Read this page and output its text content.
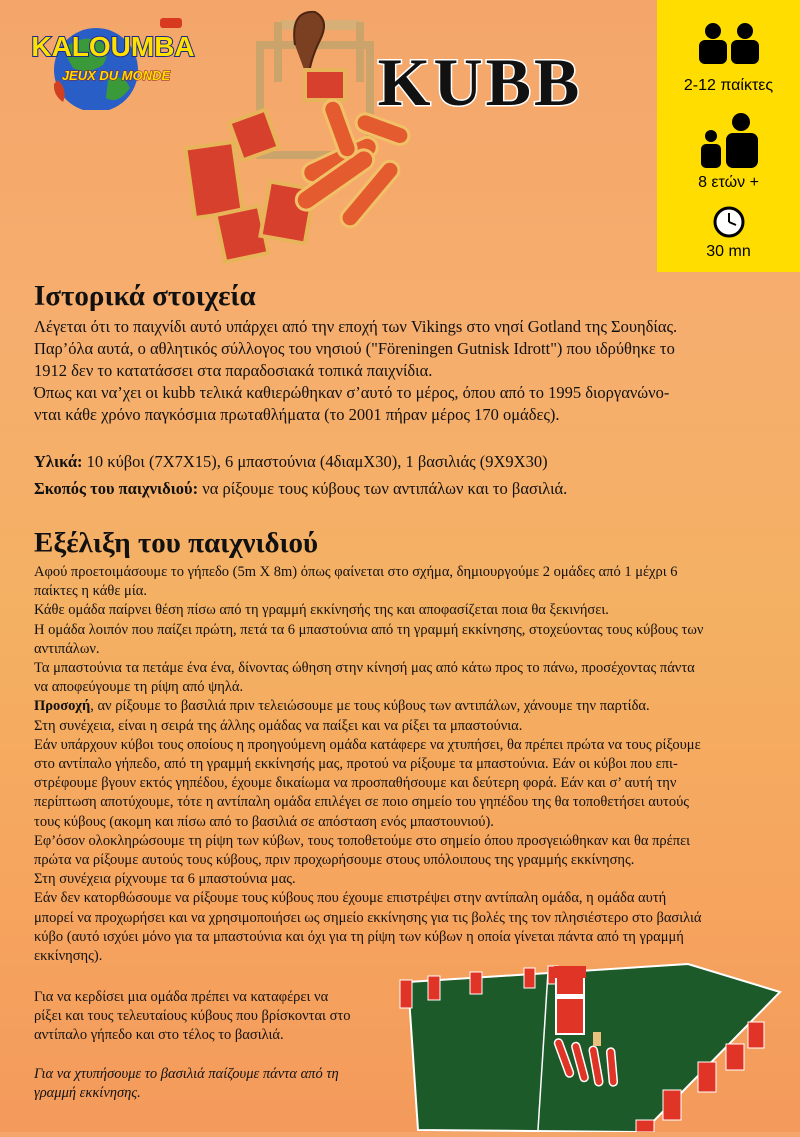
KALOUMBA
JEUX DU MONDE	KUBB	2-12 παίκτες
8 ετών +
30 mn
Ιστορικά στοιχεία
Λέγεται ότι το παιχνίδι αυτό υπάρχει από την εποχή των Vikings στο νησί Gotland της Σουηδίας.
Παρ’όλα αυτά, ο αθλητικός σύλλογος του νησιού ("Föreningen Gutnisk Idrott") που ιδρύθηκε το
1912 δεν το κατατάσσει στα παραδοσιακά τοπικά παιχνίδια.
Όπως και να’χει οι kubb τελικά καθιερώθηκαν σ’αυτό το μέρος, όπου από το 1995 διοργανώνο-
νται κάθε χρόνο παγκόσμια πρωταθλήματα (το 2001 πήραν μέρος 170 ομάδες).
Υλικά: 10 κύβοι (7Χ7Χ15), 6 μπαστούνια (4διαμΧ30), 1 βασιλιάς (9Χ9Χ30)
Σκοπός του παιχνιδιού: να ρίξουμε τους κύβους των αντιπάλων και το βασιλιά.
Εξέλιξη του παιχνιδιού
Αφού προετοιμάσουμε το γήπεδο (5m X 8m) όπως φαίνεται στο σχήμα, δημιουργούμε 2 ομάδες από 1 μέχρι 6
παίκτες η κάθε μία.
Κάθε ομάδα παίρνει θέση πίσω από τη γραμμή εκκίνησής της και αποφασίζεται ποια θα ξεκινήσει.
Η ομάδα λοιπόν που παίζει πρώτη, πετά τα 6 μπαστούνια από τη γραμμή εκκίνησης, στοχεύοντας τους κύβους των
αντιπάλων.
Τα μπαστούνια τα πετάμε ένα ένα, δίνοντας ώθηση στην κίνησή μας από κάτω προς το πάνω, προσέχοντας πάντα
να αποφεύγουμε τη ρίψη από ψηλά.
Προσοχή, αν ρίξουμε το βασιλιά πριν τελειώσουμε με τους κύβους των αντιπάλων, χάνουμε την παρτίδα.
Στη συνέχεια, είναι η σειρά της άλλης ομάδας να παίξει και να ρίξει τα μπαστούνια.
Εάν υπάρχουν κύβοι τους οποίους η προηγούμενη ομάδα κατάφερε να χτυπήσει, θα πρέπει πρώτα να τους ρίξουμε
στο αντίπαλο γήπεδο, από τη γραμμή εκκίνησής μας, προτού να ρίξουμε τα μπαστούνια. Εάν οι κύβοι που επι-
στρέφουμε βγουν εκτός γηπέδου, έχουμε δικαίωμα να προσπαθήσουμε και δεύτερη φορά. Εάν και σ’ αυτή την
περίπτωση αποτύχουμε, τότε η αντίπαλη ομάδα επιλέγει σε ποιο σημείο του γηπέδου της θα τοποθετήσει αυτούς
τους κύβους (ακομη και πίσω από το βασιλιά σε απόσταση ενός μπαστουνιού).
Εφ’όσον ολοκληρώσουμε τη ρίψη των κύβων, τους τοποθετούμε στο σημείο όπου προσγειώθηκαν και θα πρέπει
πρώτα να ρίξουμε αυτούς τους κύβους, πριν προχωρήσουμε στους υπόλοιπους της γραμμής εκκίνησης.
Στη συνέχεια ρίχνουμε τα 6 μπαστούνια μας.
Εάν δεν κατορθώσουμε να ρίξουμε τους κύβους που έχουμε επιστρέψει στην αντίπαλη ομάδα, η ομάδα αυτή
μπορεί να προχωρήσει και να χρησιμοποιήσει ως σημείο εκκίνησης για τις βολές της τον πλησιέστερο στο βασιλιά
κύβο (αυτό ισχύει μόνο για τα μπαστούνια και όχι για τη ρίψη των κύβων η οποία γίνεται πάντα από τη γραμμή
εκκίνησης).
Για να κερδίσει μια ομάδα πρέπει να καταφέρει να
ρίξει και τους τελευταίους κύβους που βρίσκονται στο
αντίπαλο γήπεδο και στο τέλος το βασιλιά.
Για να χτυπήσουμε το βασιλιά παίζουμε πάντα από τη
γραμμή εκκίνησης.
